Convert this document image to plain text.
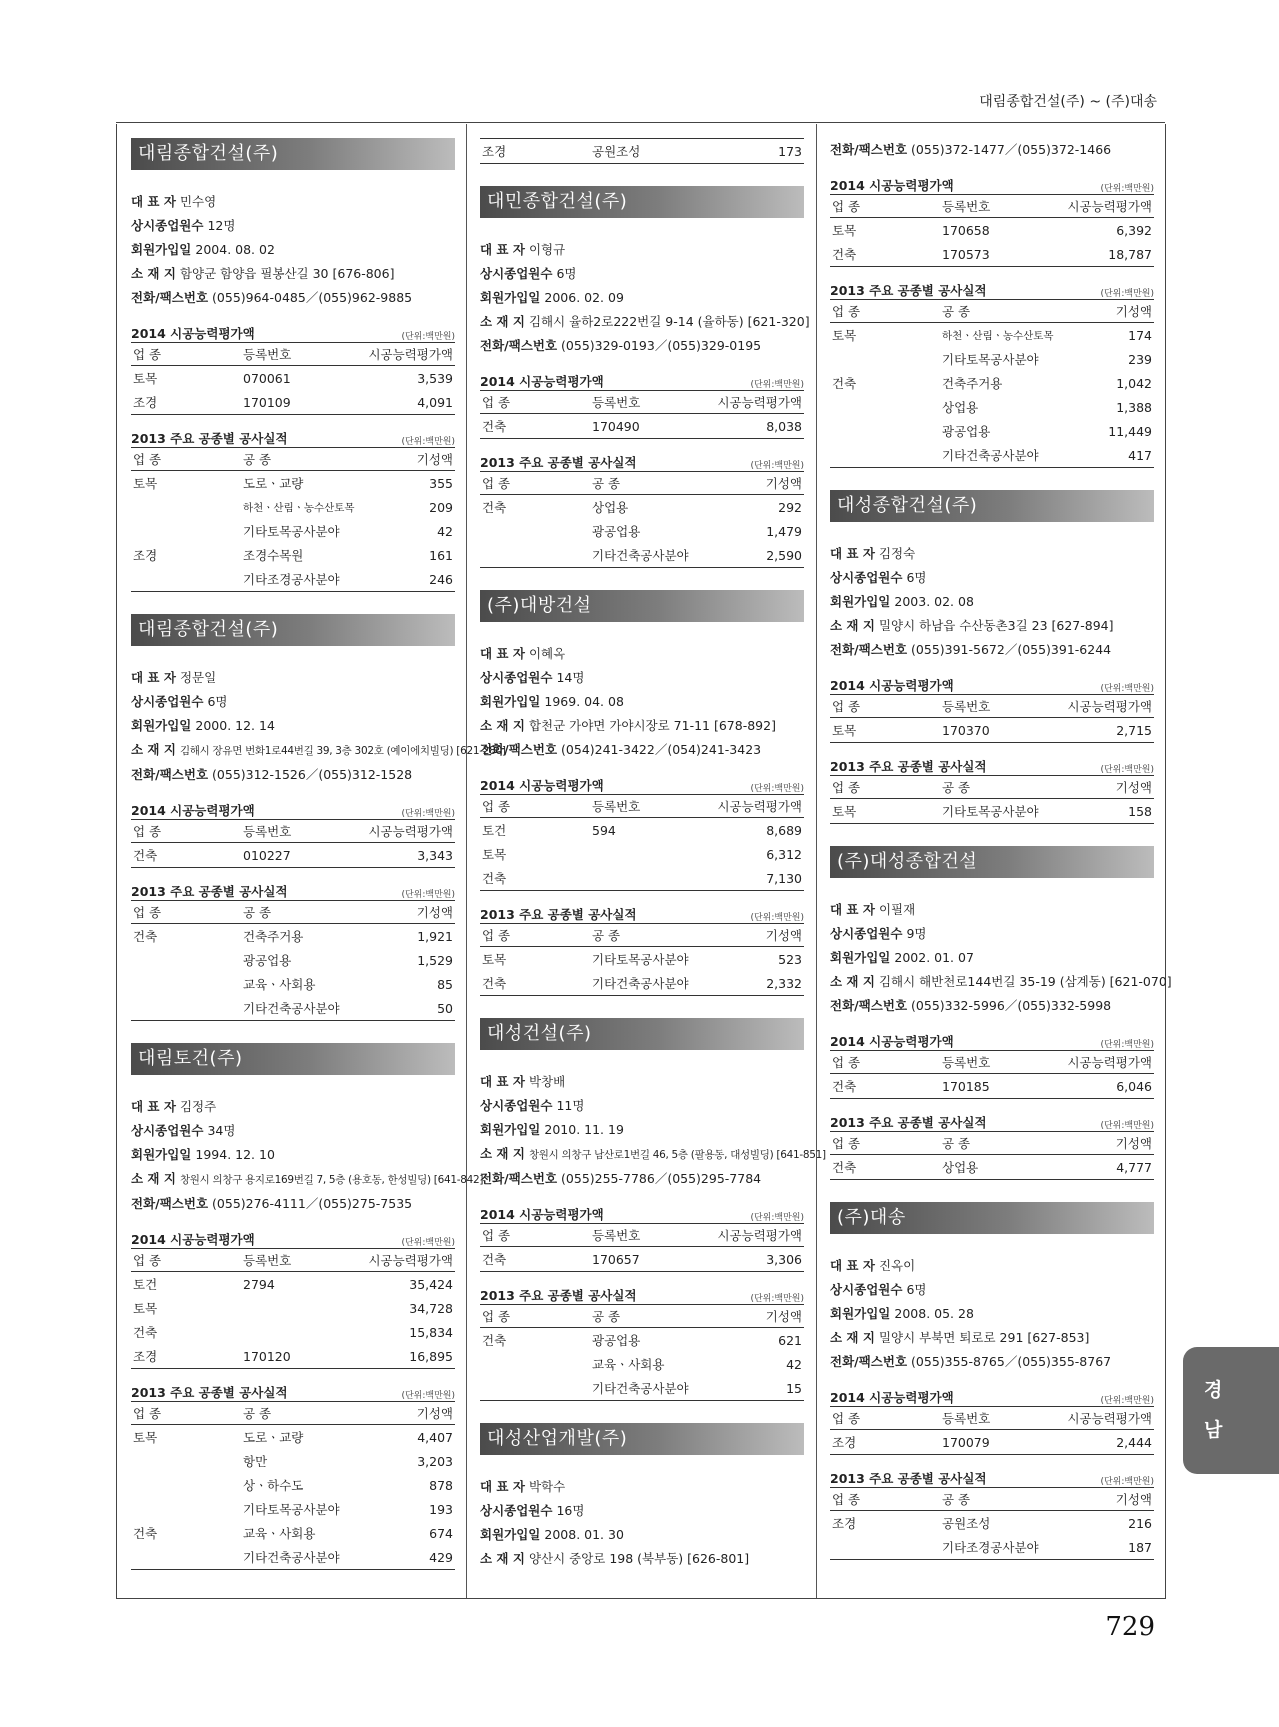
대림종합건설(주) ~ (주)대송
대림종합건설(주)
대 표 자 민수영
상시종업원수 12명
회원가입일 2004. 08. 02
소 재 지 함양군 함양읍 필봉산길 30 [676-806]
전화/팩스번호 (055)964-0485／(055)962-9885
2014 시공능력평가액	(단위:백만원)
업 종	등록번호	시공능력평가액
토목	070061	3,539
조경	170109	4,091
2013 주요 공종별 공사실적	(단위:백만원)
업 종	공 종	기성액
토목	도로ㆍ교량	355
	하천ㆍ산림ㆍ농수산토목	209
	기타토목공사분야	42
조경	조경수목원	161
	기타조경공사분야	246
대림종합건설(주)
대 표 자 정문일
상시종업원수 6명
회원가입일 2000. 12. 14
소 재 지 김해시 장유면 번화1로44번길 39, 3층 302호 (예이에치빌딩) [621-280]
전화/팩스번호 (055)312-1526／(055)312-1528
2014 시공능력평가액	(단위:백만원)
업 종	등록번호	시공능력평가액
건축	010227	3,343
2013 주요 공종별 공사실적	(단위:백만원)
업 종	공 종	기성액
건축	건축주거용	1,921
	광공업용	1,529
	교육ㆍ사회용	85
	기타건축공사분야	50
대림토건(주)
대 표 자 김정주
상시종업원수 34명
회원가입일 1994. 12. 10
소 재 지 창원시 의창구 용지로169번길 7, 5층 (용호동, 한성빌딩) [641-842]
전화/팩스번호 (055)276-4111／(055)275-7535
2014 시공능력평가액	(단위:백만원)
업 종	등록번호	시공능력평가액
토건	2794	35,424
토목		34,728
건축		15,834
조경	170120	16,895
2013 주요 공종별 공사실적	(단위:백만원)
업 종	공 종	기성액
토목	도로ㆍ교량	4,407
	항만	3,203
	상ㆍ하수도	878
	기타토목공사분야	193
건축	교육ㆍ사회용	674
	기타건축공사분야	429
조경	공원조성	173
대민종합건설(주)
대 표 자 이형규
상시종업원수 6명
회원가입일 2006. 02. 09
소 재 지 김해시 율하2로222번길 9-14 (율하동) [621-320]
전화/팩스번호 (055)329-0193／(055)329-0195
2014 시공능력평가액	(단위:백만원)
업 종	등록번호	시공능력평가액
건축	170490	8,038
2013 주요 공종별 공사실적	(단위:백만원)
업 종	공 종	기성액
건축	상업용	292
	광공업용	1,479
	기타건축공사분야	2,590
(주)대방건설
대 표 자 이혜옥
상시종업원수 14명
회원가입일 1969. 04. 08
소 재 지 합천군 가야면 가야시장로 71-11 [678-892]
전화/팩스번호 (054)241-3422／(054)241-3423
2014 시공능력평가액	(단위:백만원)
업 종	등록번호	시공능력평가액
토건	594	8,689
토목		6,312
건축		7,130
2013 주요 공종별 공사실적	(단위:백만원)
업 종	공 종	기성액
토목	기타토목공사분야	523
건축	기타건축공사분야	2,332
대성건설(주)
대 표 자 박창배
상시종업원수 11명
회원가입일 2010. 11. 19
소 재 지 창원시 의창구 남산로1번길 46, 5층 (팔용동, 대성빌딩) [641-851]
전화/팩스번호 (055)255-7786／(055)295-7784
2014 시공능력평가액	(단위:백만원)
업 종	등록번호	시공능력평가액
건축	170657	3,306
2013 주요 공종별 공사실적	(단위:백만원)
업 종	공 종	기성액
건축	광공업용	621
	교육ㆍ사회용	42
	기타건축공사분야	15
대성산업개발(주)
대 표 자 박학수
상시종업원수 16명
회원가입일 2008. 01. 30
소 재 지 양산시 중앙로 198 (북부동) [626-801]
전화/팩스번호 (055)372-1477／(055)372-1466
2014 시공능력평가액	(단위:백만원)
업 종	등록번호	시공능력평가액
토목	170658	6,392
건축	170573	18,787
2013 주요 공종별 공사실적	(단위:백만원)
업 종	공 종	기성액
토목	하천ㆍ산림ㆍ농수산토목	174
	기타토목공사분야	239
건축	건축주거용	1,042
	상업용	1,388
	광공업용	11,449
	기타건축공사분야	417
대성종합건설(주)
대 표 자 김정숙
상시종업원수 6명
회원가입일 2003. 02. 08
소 재 지 밀양시 하남읍 수산동촌3길 23 [627-894]
전화/팩스번호 (055)391-5672／(055)391-6244
2014 시공능력평가액	(단위:백만원)
업 종	등록번호	시공능력평가액
토목	170370	2,715
2013 주요 공종별 공사실적	(단위:백만원)
업 종	공 종	기성액
토목	기타토목공사분야	158
(주)대성종합건설
대 표 자 이필재
상시종업원수 9명
회원가입일 2002. 01. 07
소 재 지 김해시 해반천로144번길 35-19 (삼계동) [621-070]
전화/팩스번호 (055)332-5996／(055)332-5998
2014 시공능력평가액	(단위:백만원)
업 종	등록번호	시공능력평가액
건축	170185	6,046
2013 주요 공종별 공사실적	(단위:백만원)
업 종	공 종	기성액
건축	상업용	4,777
(주)대송
대 표 자 진옥이
상시종업원수 6명
회원가입일 2008. 05. 28
소 재 지 밀양시 부북면 퇴로로 291 [627-853]
전화/팩스번호 (055)355-8765／(055)355-8767
2014 시공능력평가액	(단위:백만원)
업 종	등록번호	시공능력평가액
조경	170079	2,444
2013 주요 공종별 공사실적	(단위:백만원)
업 종	공 종	기성액
조경	공원조성	216
	기타조경공사분야	187
경
남
729
